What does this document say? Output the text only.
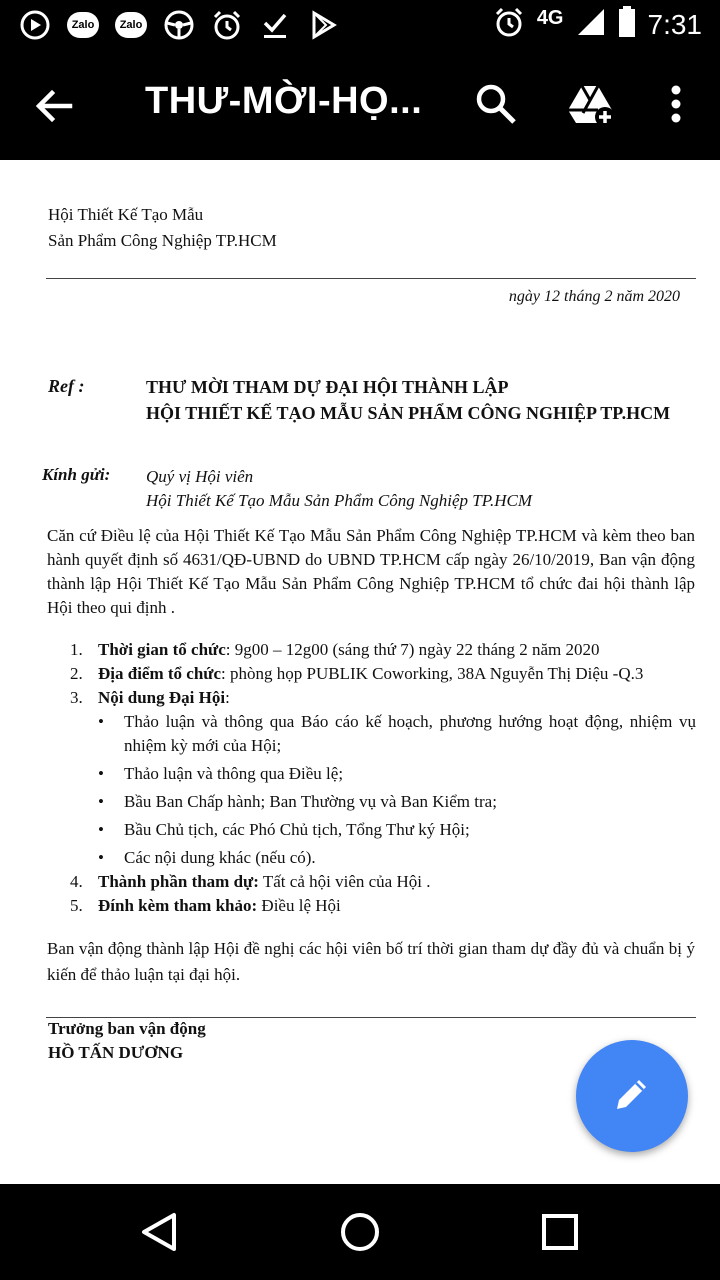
Zalo	Zalo	4G	7:31
THƯ-MỜI-HỌ...
Hội Thiết Kế Tạo Mẫu
Sản Phẩm Công Nghiệp TP.HCM
ngày 12 tháng 2 năm 2020
Ref :	THƯ MỜI THAM DỰ ĐẠI HỘI THÀNH LẬP
HỘI THIẾT KẾ TẠO MẪU SẢN PHẨM CÔNG NGHIỆP TP.HCM
Kính gửi: Quý vị Hội viên
Hội Thiết Kế Tạo Mẫu Sản Phẩm Công Nghiệp TP.HCM
Căn cứ Điều lệ của Hội Thiết Kế Tạo Mẫu Sản Phẩm Công Nghiệp TP.HCM và kèm theo ban hành quyết định số 4631/QĐ-UBND do UBND TP.HCM cấp ngày 26/10/2019, Ban vận động thành lập Hội Thiết Kế Tạo Mẫu Sản Phẩm Công Nghiệp TP.HCM tổ chức đai hội thành lập Hội theo qui định .
1. Thời gian tổ chức: 9g00 – 12g00 (sáng thứ 7) ngày 22 tháng 2 năm 2020
2. Địa điểm tổ chức: phòng họp PUBLIK Coworking, 38A Nguyễn Thị Diệu -Q.3
3. Nội dung Đại Hội:
• Thảo luận và thông qua Báo cáo kế hoạch, phương hướng hoạt động, nhiệm vụ nhiệm kỳ mới của Hội;
• Thảo luận và thông qua Điều lệ;
• Bầu Ban Chấp hành; Ban Thường vụ và Ban Kiểm tra;
• Bầu Chủ tịch, các Phó Chủ tịch, Tổng Thư ký Hội;
• Các nội dung khác (nếu có).
4. Thành phần tham dự: Tất cả hội viên của Hội .
5. Đính kèm tham khảo: Điều lệ Hội
Ban vận động thành lập Hội đề nghị các hội viên bố trí thời gian tham dự đầy đủ và chuẩn bị ý kiến để thảo luận tại đại hội.
Trưởng ban vận động
HỒ TẤN DƯƠNG
